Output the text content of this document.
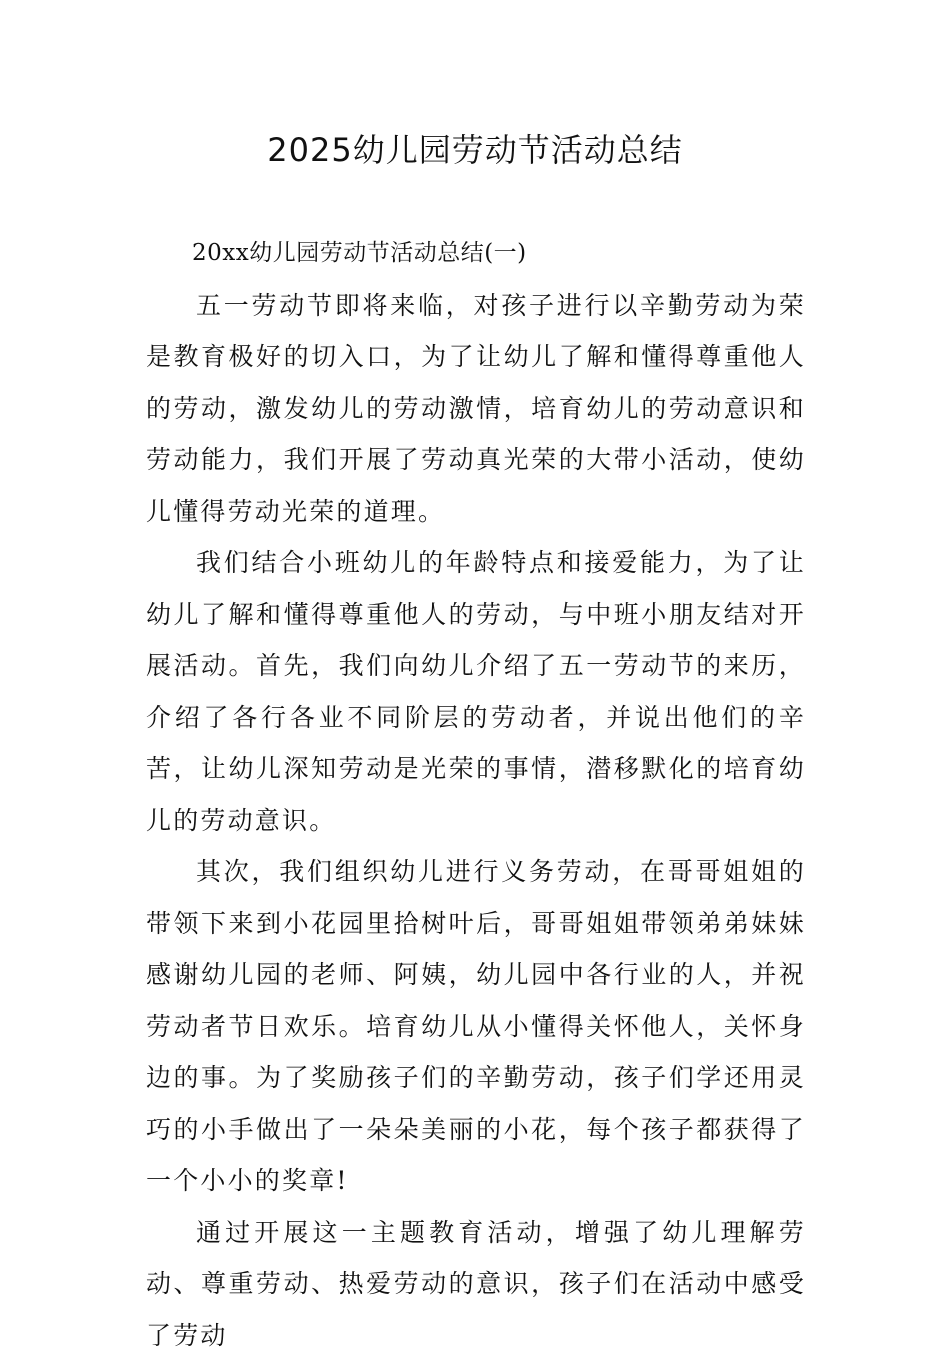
2025幼儿园劳动节活动总结

20xx幼儿园劳动节活动总结(一)

五一劳动节即将来临，对孩子进行以辛勤劳动为荣是教育极好的切入口，为了让幼儿了解和懂得尊重他人的劳动，激发幼儿的劳动激情，培育幼儿的劳动意识和劳动能力，我们开展了劳动真光荣的大带小活动，使幼儿懂得劳动光荣的道理。

我们结合小班幼儿的年龄特点和接爱能力，为了让幼儿了解和懂得尊重他人的劳动，与中班小朋友结对开展活动。首先，我们向幼儿介绍了五一劳动节的来历，介绍了各行各业不同阶层的劳动者，并说出他们的辛苦，让幼儿深知劳动是光荣的事情，潜移默化的培育幼儿的劳动意识。

其次，我们组织幼儿进行义务劳动，在哥哥姐姐的带领下来到小花园里拾树叶后，哥哥姐姐带领弟弟妹妹感谢幼儿园的老师、阿姨，幼儿园中各行业的人，并祝劳动者节日欢乐。培育幼儿从小懂得关怀他人，关怀身边的事。为了奖励孩子们的辛勤劳动，孩子们学还用灵巧的小手做出了一朵朵美丽的小花，每个孩子都获得了一个小小的奖章!

通过开展这一主题教育活动，增强了幼儿理解劳动、尊重劳动、热爱劳动的意识，孩子们在活动中感受了劳动
